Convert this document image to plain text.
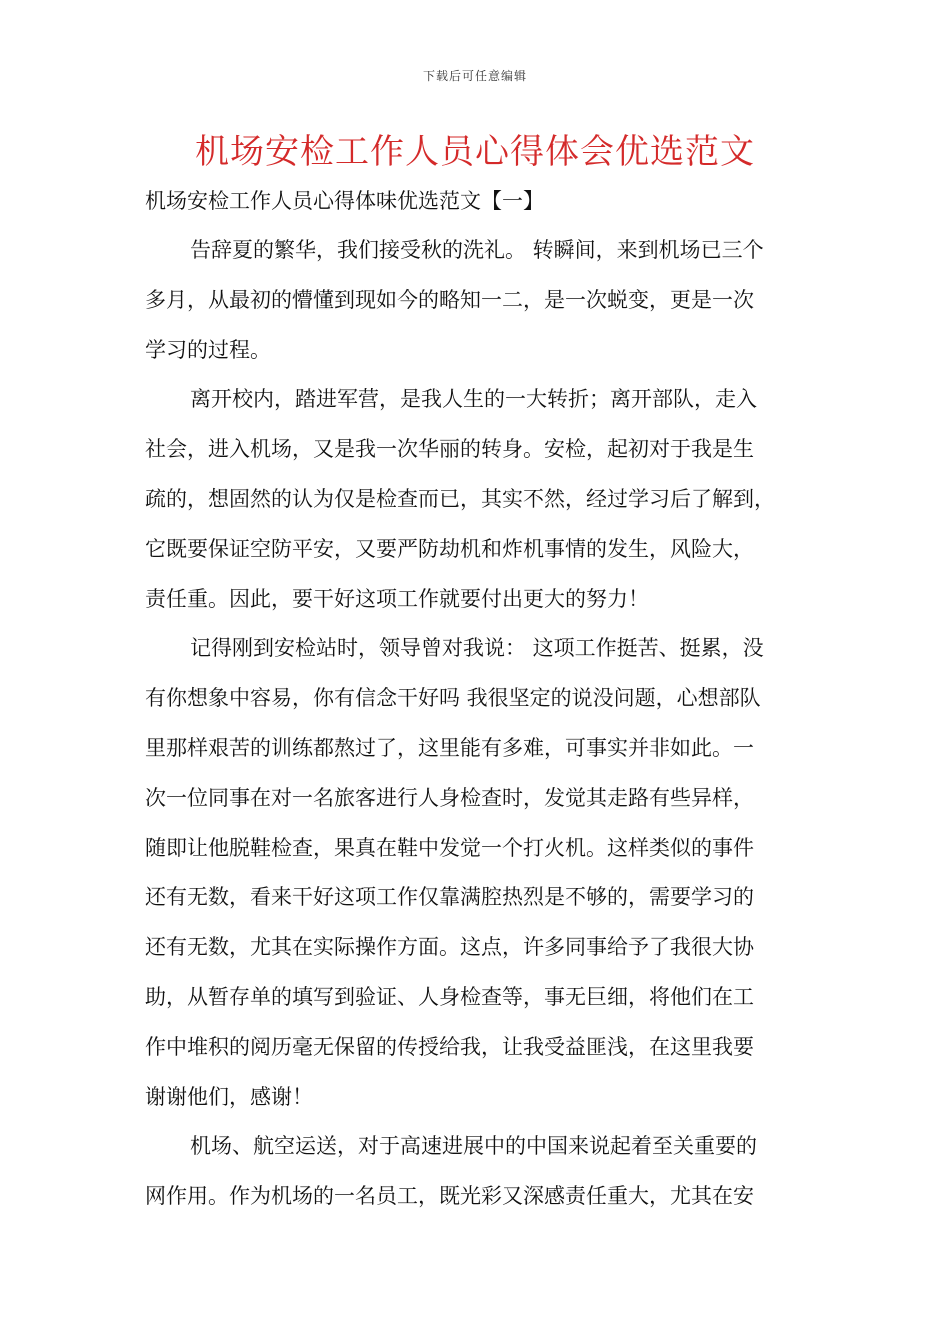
下载后可任意编辑
机场安检工作人员心得体会优选范文
机场安检工作人员心得体味优选范文【一】
告辞夏的繁华，我们接受秋的洗礼。 转瞬间，来到机场已三个
多月，从最初的懵懂到现如今的略知一二，是一次蜕变，更是一次
学习的过程。
离开校内，踏进军营，是我人生的一大转折；离开部队，走入
社会，进入机场，又是我一次华丽的转身。安检，起初对于我是生
疏的，想固然的认为仅是检查而已，其实不然，经过学习后了解到，
它既要保证空防平安，又要严防劫机和炸机事情的发生，风险大，
责任重。因此，要干好这项工作就要付出更大的努力！
记得刚到安检站时，领导曾对我说： 这项工作挺苦、挺累，没
有你想象中容易，你有信念干好吗 我很坚定的说没问题，心想部队
里那样艰苦的训练都熬过了，这里能有多难，可事实并非如此。一
次一位同事在对一名旅客进行人身检查时，发觉其走路有些异样，
随即让他脱鞋检查，果真在鞋中发觉一个打火机。这样类似的事件
还有无数，看来干好这项工作仅靠满腔热烈是不够的，需要学习的
还有无数，尤其在实际操作方面。这点，许多同事给予了我很大协
助，从暂存单的填写到验证、人身检查等，事无巨细，将他们在工
作中堆积的阅历毫无保留的传授给我，让我受益匪浅，在这里我要
谢谢他们，感谢！
机场、航空运送，对于高速进展中的中国来说起着至关重要的
网作用。作为机场的一名员工，既光彩又深感责任重大，尤其在安
